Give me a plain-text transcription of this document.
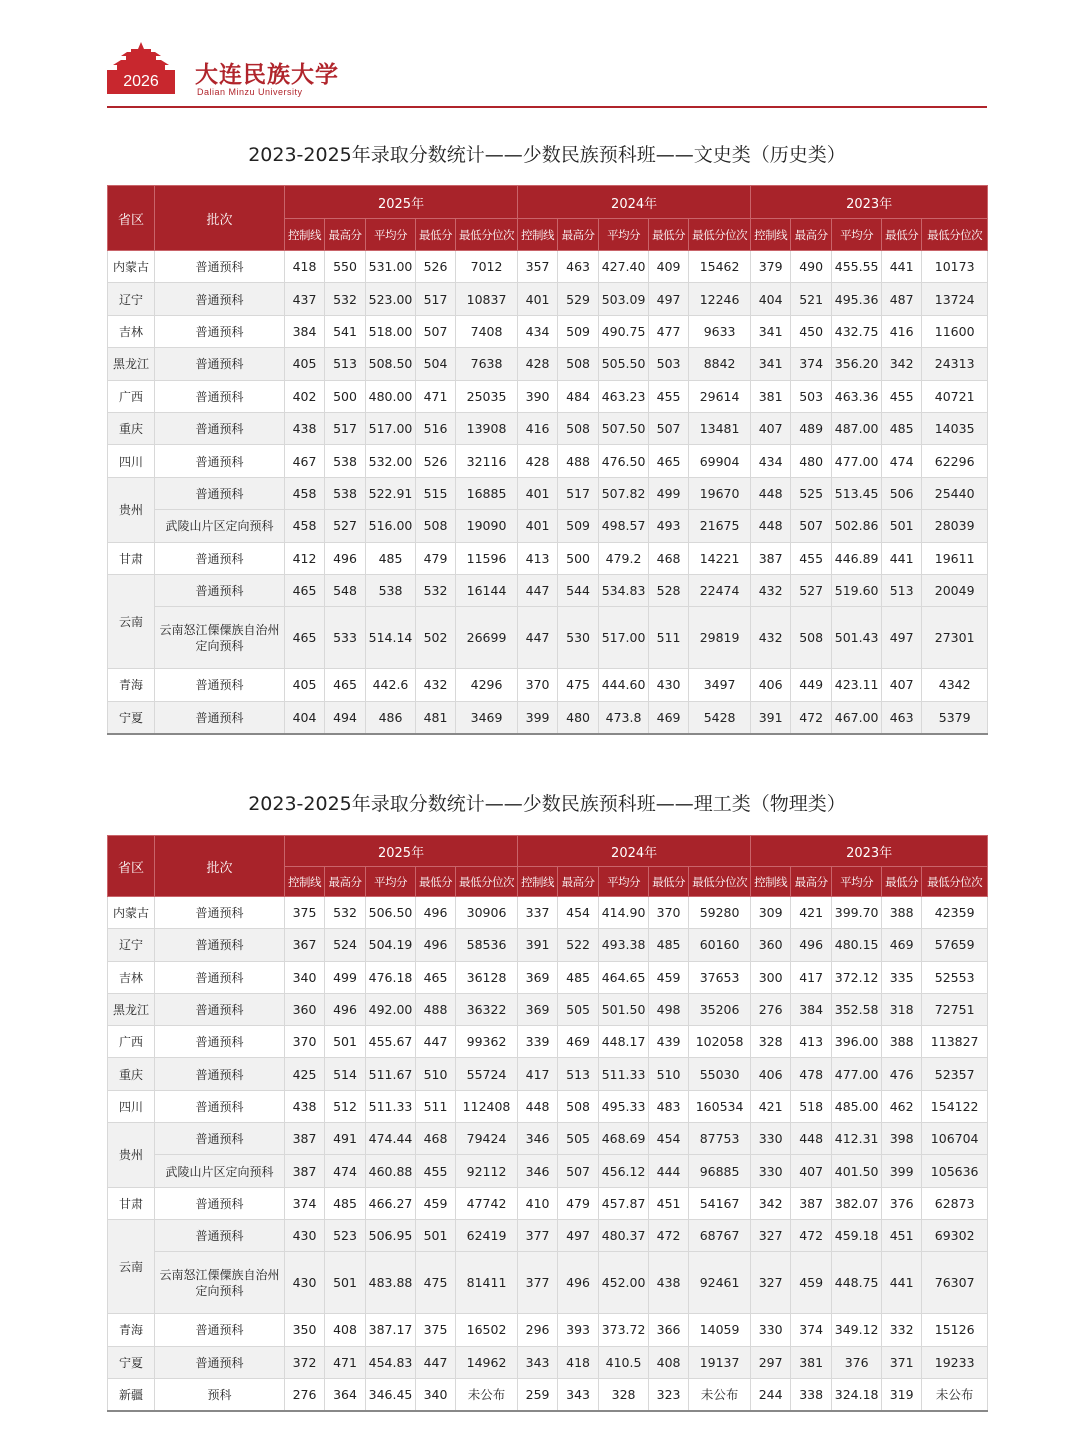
2026	大连民族大学
Dalian Minzu University
2023-2025年录取分数统计——少数民族预科班——文史类（历史类）
省区	批次	2025年					2024年					2023年				
		控制线	最高分	平均分	最低分	最低分位次	控制线	最高分	平均分	最低分	最低分位次	控制线	最高分	平均分	最低分	最低分位次
内蒙古	普通预科	418	550	531.00	526	7012	357	463	427.40	409	15462	379	490	455.55	441	10173
辽宁	普通预科	437	532	523.00	517	10837	401	529	503.09	497	12246	404	521	495.36	487	13724
吉林	普通预科	384	541	518.00	507	7408	434	509	490.75	477	9633	341	450	432.75	416	11600
黑龙江	普通预科	405	513	508.50	504	7638	428	508	505.50	503	8842	341	374	356.20	342	24313
广西	普通预科	402	500	480.00	471	25035	390	484	463.23	455	29614	381	503	463.36	455	40721
重庆	普通预科	438	517	517.00	516	13908	416	508	507.50	507	13481	407	489	487.00	485	14035
四川	普通预科	467	538	532.00	526	32116	428	488	476.50	465	69904	434	480	477.00	474	62296
贵州	普通预科	458	538	522.91	515	16885	401	517	507.82	499	19670	448	525	513.45	506	25440
	武陵山片区定向预科	458	527	516.00	508	19090	401	509	498.57	493	21675	448	507	502.86	501	28039
甘肃	普通预科	412	496	485	479	11596	413	500	479.2	468	14221	387	455	446.89	441	19611
云南	普通预科	465	548	538	532	16144	447	544	534.83	528	22474	432	527	519.60	513	20049
	云南怒江傈僳族自治州定向预科	465	533	514.14	502	26699	447	530	517.00	511	29819	432	508	501.43	497	27301
青海	普通预科	405	465	442.6	432	4296	370	475	444.60	430	3497	406	449	423.11	407	4342
宁夏	普通预科	404	494	486	481	3469	399	480	473.8	469	5428	391	472	467.00	463	5379
2023-2025年录取分数统计——少数民族预科班——理工类（物理类）
省区	批次	2025年					2024年					2023年				
		控制线	最高分	平均分	最低分	最低分位次	控制线	最高分	平均分	最低分	最低分位次	控制线	最高分	平均分	最低分	最低分位次
内蒙古	普通预科	375	532	506.50	496	30906	337	454	414.90	370	59280	309	421	399.70	388	42359
辽宁	普通预科	367	524	504.19	496	58536	391	522	493.38	485	60160	360	496	480.15	469	57659
吉林	普通预科	340	499	476.18	465	36128	369	485	464.65	459	37653	300	417	372.12	335	52553
黑龙江	普通预科	360	496	492.00	488	36322	369	505	501.50	498	35206	276	384	352.58	318	72751
广西	普通预科	370	501	455.67	447	99362	339	469	448.17	439	102058	328	413	396.00	388	113827
重庆	普通预科	425	514	511.67	510	55724	417	513	511.33	510	55030	406	478	477.00	476	52357
四川	普通预科	438	512	511.33	511	112408	448	508	495.33	483	160534	421	518	485.00	462	154122
贵州	普通预科	387	491	474.44	468	79424	346	505	468.69	454	87753	330	448	412.31	398	106704
	武陵山片区定向预科	387	474	460.88	455	92112	346	507	456.12	444	96885	330	407	401.50	399	105636
甘肃	普通预科	374	485	466.27	459	47742	410	479	457.87	451	54167	342	387	382.07	376	62873
云南	普通预科	430	523	506.95	501	62419	377	497	480.37	472	68767	327	472	459.18	451	69302
	云南怒江傈僳族自治州定向预科	430	501	483.88	475	81411	377	496	452.00	438	92461	327	459	448.75	441	76307
青海	普通预科	350	408	387.17	375	16502	296	393	373.72	366	14059	330	374	349.12	332	15126
宁夏	普通预科	372	471	454.83	447	14962	343	418	410.5	408	19137	297	381	376	371	19233
新疆	预科	276	364	346.45	340	未公布	259	343	328	323	未公布	244	338	324.18	319	未公布
